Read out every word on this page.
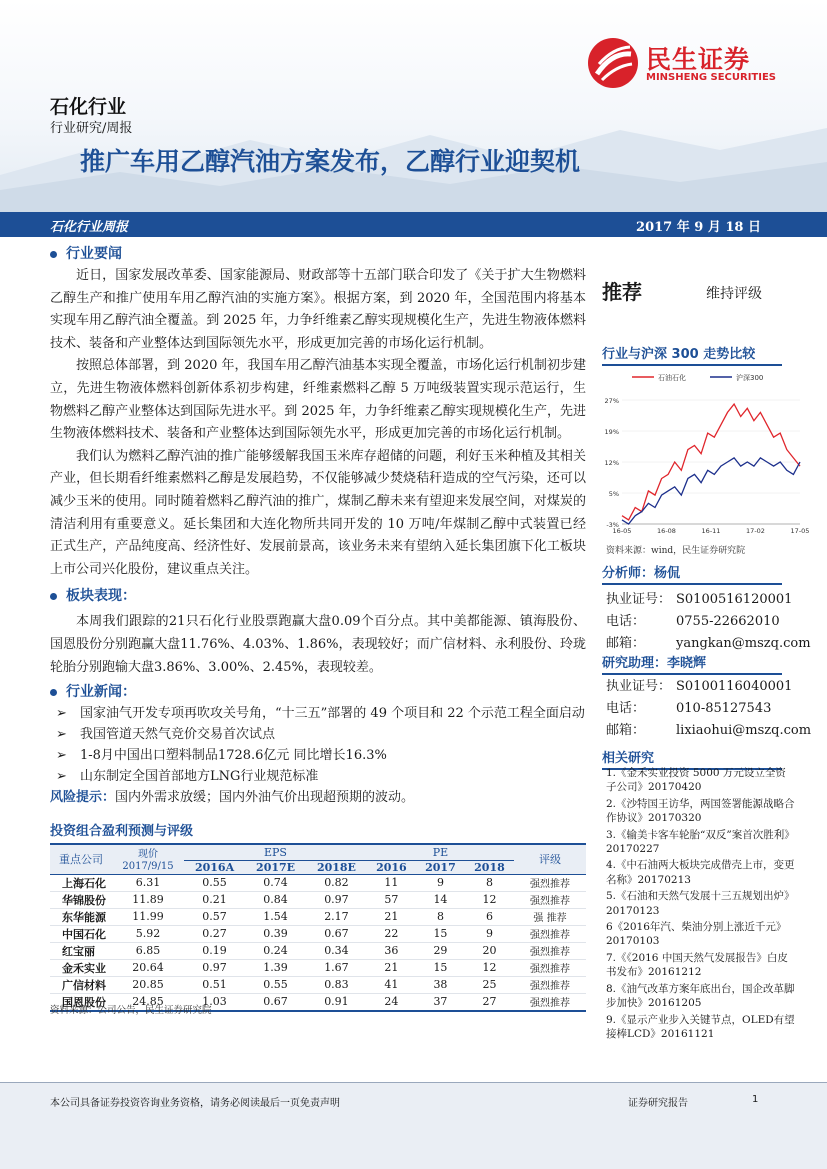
民生证券
MINSHENG SECURITIES
石化行业
行业研究/周报
推广车用乙醇汽油方案发布，乙醇行业迎契机
石化行业周报	2017 年 9 月 18 日
行业要闻

近日，国家发展改革委、国家能源局、财政部等十五部门联合印发了《关于扩大生物燃料乙醇生产和推广使用车用乙醇汽油的实施方案》。根据方案，到 2020 年，全国范围内将基本实现车用乙醇汽油全覆盖。到 2025 年，力争纤维素乙醇实现规模化生产，先进生物液体燃料技术、装备和产业整体达到国际领先水平，形成更加完善的市场化运行机制。

按照总体部署，到 2020 年，我国车用乙醇汽油基本实现全覆盖，市场化运行机制初步建立，先进生物液体燃料创新体系初步构建，纤维素燃料乙醇 5 万吨级装置实现示范运行，生物燃料乙醇产业整体达到国际先进水平。到 2025 年，力争纤维素乙醇实现规模化生产，先进生物液体燃料技术、装备和产业整体达到国际领先水平，形成更加完善的市场化运行机制。

我们认为燃料乙醇汽油的推广能够缓解我国玉米库存超储的问题，利好玉米种植及其相关产业，但长期看纤维素燃料乙醇是发展趋势，不仅能够减少焚烧秸秆造成的空气污染，还可以减少玉米的使用。同时随着燃料乙醇汽油的推广，煤制乙醇未来有望迎来发展空间，对煤炭的清洁利用有重要意义。延长集团和大连化物所共同开发的 10 万吨/年煤制乙醇中式装置已经正式生产，产品纯度高、经济性好、发展前景高，该业务未来有望纳入延长集团旗下化工板块上市公司兴化股份，建议重点关注。

板块表现：

本周我们跟踪的21只石化行业股票跑赢大盘0.09个百分点。其中美都能源、镇海股份、国恩股份分别跑赢大盘11.76%、4.03%、1.86%，表现较好；而广信材料、永利股份、玲珑轮胎分别跑输大盘3.86%、3.00%、2.45%，表现较差。

行业新闻：
➢ 国家油气开发专项再吹攻关号角，“十三五”部署的 49 个项目和 22 个示范工程全面启动
➢ 我国管道天然气竞价交易首次试点
➢ 1-8月中国出口塑料制品1728.6亿元 同比增长16.3%
➢ 山东制定全国首部地方LNG行业规范标准
风险提示：国内外需求放缓；国内外油气价出现超预期的波动。
投资组合盈利预测与评级
重点公司	现价	EPS			PE			评级
	2017/9/15	2016A	2017E	2018E	2016	2017	2018	
上海石化	6.31	0.55	0.74	0.82	11	9	8	强烈推荐
华锦股份	11.89	0.21	0.84	0.97	57	14	12	强烈推荐
东华能源	11.99	0.57	1.54	2.17	21	8	6	强 推荐
中国石化	5.92	0.27	0.39	0.67	22	15	9	强烈推荐
红宝丽	6.85	0.19	0.24	0.34	36	29	20	强烈推荐
金禾实业	20.64	0.97	1.39	1.67	21	15	12	强烈推荐
广信材料	20.85	0.51	0.55	0.83	41	38	25	强烈推荐
国恩股份	24.85	1.03	0.67	0.91	24	37	27	强烈推荐
资料来源：公司公告，民生证券研究院
推荐	维持评级
行业与沪深 300 走势比较
石油石化	沪深300
27%
19%
12%
5%
-3%
16-05	16-08	16-11	17-02	17-05
资料来源：wind，民生证券研究院
分析师：杨侃
执业证号： S0100516120001
电话： 0755-22662010
邮箱： yangkan@mszq.com
研究助理：李晓辉
执业证号： S0100116040001
电话： 010-85127543
邮箱： lixiaohui@mszq.com
相关研究
1.《金禾实业投资 5000 万元设立全资子公司》20170420
2.《沙特国王访华，两国签署能源战略合作协议》20170320
3.《输美卡客车轮胎“双反”案首次胜利》20170227
4.《中石油两大板块完成借壳上市，变更名称》20170213
5.《石油和天然气发展十三五规划出炉》20170123
6《2016年汽、柴油分别上涨近千元》20170103
7.《《2016 中国天然气发展报告》白皮书发布》20161212
8.《油气改革方案年底出台，国企改革脚步加快》20161205
9.《显示产业步入关键节点，OLED有望接棒LCD》20161121
本公司具备证券投资咨询业务资格，请务必阅读最后一页免责声明	证券研究报告	1
